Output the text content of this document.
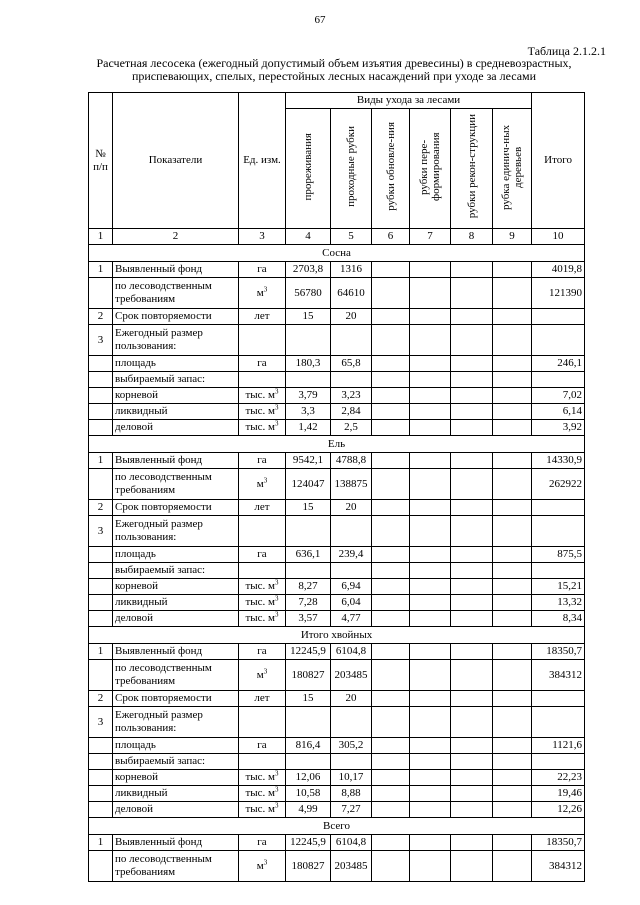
67
Таблица 2.1.2.1
Расчетная лесосека (ежегодный допустимый объем изъятия древесины) в средневозрастных, приспевающих, спелых, перестойных лесных насаждений при уходе за лесами
№ п/п	Показатели	Ед. изм.	Виды ухода за лесами						Итого
			прореживания	проходные рубки	рубки обновле-ния	рубки пере-формирования	рубки рекон-струкции	рубка единич-ных деревьев	
1	2	3	4	5	6	7	8	9	10
Сосна									
1	Выявленный фонд	га	2703,8	1316					4019,8
	по лесоводственным требованиям	$м^3$	56780	64610					121390
2	Срок повторяемости	лет	15	20					
3	Ежегодный размер пользования:								
	площадь	га	180,3	65,8					246,1
	выбираемый запас:								
	корневой	тыс. $м^3$	3,79	3,23					7,02
	ликвидный	тыс. $м^3$	3,3	2,84					6,14
	деловой	тыс. $м^3$	1,42	2,5					3,92
Ель									
1	Выявленный фонд	га	9542,1	4788,8					14330,9
	по лесоводственным требованиям	$м^3$	124047	138875					262922
2	Срок повторяемости	лет	15	20					
3	Ежегодный размер пользования:								
	площадь	га	636,1	239,4					875,5
	выбираемый запас:								
	корневой	тыс. $м^3$	8,27	6,94					15,21
	ликвидный	тыс. $м^3$	7,28	6,04					13,32
	деловой	тыс. $м^3$	3,57	4,77					8,34
Итого хвойных									
1	Выявленный фонд	га	12245,9	6104,8					18350,7
	по лесоводственным требованиям	$м^3$	180827	203485					384312
2	Срок повторяемости	лет	15	20					
3	Ежегодный размер пользования:								
	площадь	га	816,4	305,2					1121,6
	выбираемый запас:								
	корневой	тыс. $м^3$	12,06	10,17					22,23
	ликвидный	тыс. $м^3$	10,58	8,88					19,46
	деловой	тыс. $м^3$	4,99	7,27					12,26
Всего									
1	Выявленный фонд	га	12245,9	6104,8					18350,7
	по лесоводственным требованиям	$м^3$	180827	203485					384312
